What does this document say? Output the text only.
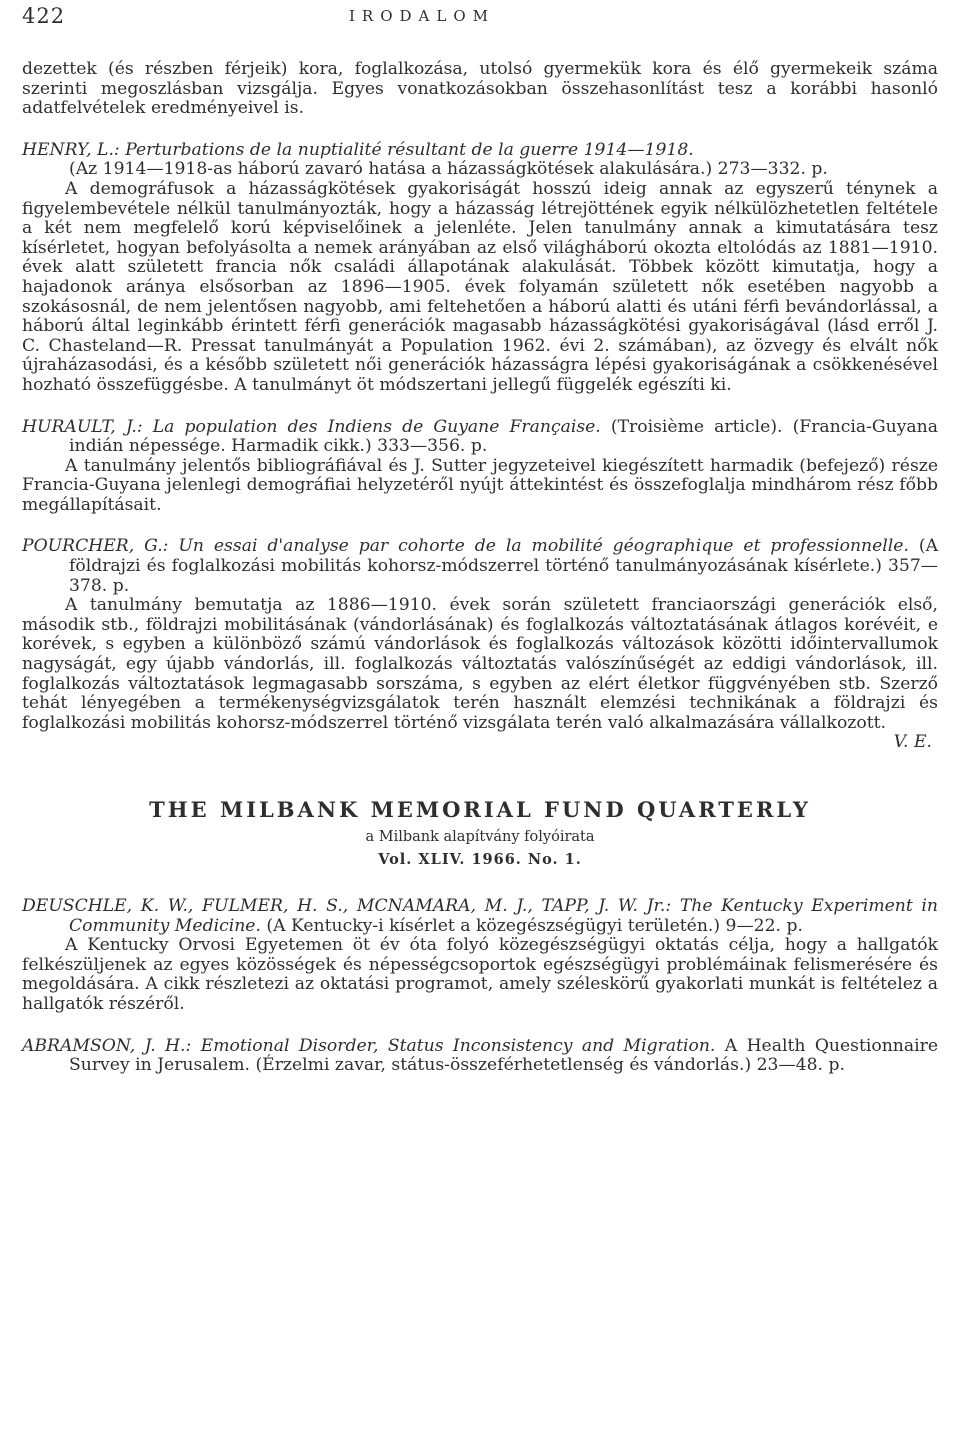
422	IRODALOM

dezettek (és részben férjeik) kora, foglalkozása, utolsó gyermekük kora és élő gyermekeik száma szerinti megoszlásban vizsgálja. Egyes vonatkozásokban összehasonlítást tesz a korábbi hasonló adatfelvételek eredményeivel is.

HENRY, L.: Perturbations de la nuptialité résultant de la guerre 1914—1918.

(Az 1914—1918-as háború zavaró hatása a házasságkötések alakulására.) 273—332. p.

A demográfusok a házasságkötések gyakoriságát hosszú ideig annak az egyszerű ténynek a figyelembevétele nélkül tanulmányozták, hogy a házasság létrejöttének egyik nélkülözhetetlen feltétele a két nem megfelelő korú képviselőinek a jelenléte. Jelen tanulmány annak a kimutatására tesz kísérletet, hogyan befolyásolta a nemek arányában az első világháború okozta eltolódás az 1881—1910. évek alatt született francia nők családi állapotának alakulását. Többek között kimutatja, hogy a hajadonok aránya elsősorban az 1896—1905. évek folyamán született nők esetében nagyobb a szokásosnál, de nem jelentősen nagyobb, ami feltehetően a háború alatti és utáni férfi bevándorlással, a háború által leginkább érintett férfi generációk magasabb házasságkötési gyakoriságával (lásd erről J. C. Chasteland—R. Pressat tanulmányát a Population 1962. évi 2. számában), az özvegy és elvált nők újraházasodási, és a később született női generációk házasságra lépési gyakoriságának a csökkenésével hozható összefüggésbe. A tanulmányt öt módszertani jellegű függelék egészíti ki.

HURAULT, J.: La population des Indiens de Guyane Française. (Troisième article). (Francia-Guyana indián népessége. Harmadik cikk.) 333—356. p.

A tanulmány jelentős bibliográfiával és J. Sutter jegyzeteivel kiegészített harmadik (befejező) része Francia-Guyana jelenlegi demográfiai helyzetéről nyújt áttekintést és összefoglalja mindhárom rész főbb megállapításait.

POURCHER, G.: Un essai d'analyse par cohorte de la mobilité géographique et professionnelle. (A földrajzi és foglalkozási mobilitás kohorsz-módszerrel történő tanulmányozásának kísérlete.) 357—378. p.

A tanulmány bemutatja az 1886—1910. évek során született franciaországi generációk első, második stb., földrajzi mobilitásának (vándorlásának) és foglalkozás változtatásának átlagos korévéit, e korévek, s egyben a különböző számú vándorlások és foglalkozás változások közötti időintervallumok nagyságát, egy újabb vándorlás, ill. foglalkozás változtatás valószínűségét az eddigi vándorlások, ill. foglalkozás változtatások legmagasabb sorszáma, s egyben az elért életkor függvényében stb. Szerző tehát lényegében a termékenységvizsgálatok terén használt elemzési technikának a földrajzi és foglalkozási mobilitás kohorsz-módszerrel történő vizsgálata terén való alkalmazására vállalkozott.

V. E.
THE MILBANK MEMORIAL FUND QUARTERLY
a Milbank alapítvány folyóirata
Vol. XLIV. 1966. No. 1.

DEUSCHLE, K. W., FULMER, H. S., MCNAMARA, M. J., TAPP, J. W. Jr.: The Kentucky Experiment in Community Medicine. (A Kentucky-i kísérlet a közegészségügyi területén.) 9—22. p.

A Kentucky Orvosi Egyetemen öt év óta folyó közegészségügyi oktatás célja, hogy a hallgatók felkészüljenek az egyes közösségek és népességcsoportok egészségügyi problémáinak felismerésére és megoldására. A cikk részletezi az oktatási programot, amely széleskörű gyakorlati munkát is feltételez a hallgatók részéről.

ABRAMSON, J. H.: Emotional Disorder, Status Inconsistency and Migration. A Health Questionnaire Survey in Jerusalem. (Érzelmi zavar, státus-összeférhetetlenség és vándorlás.) 23—48. p.
